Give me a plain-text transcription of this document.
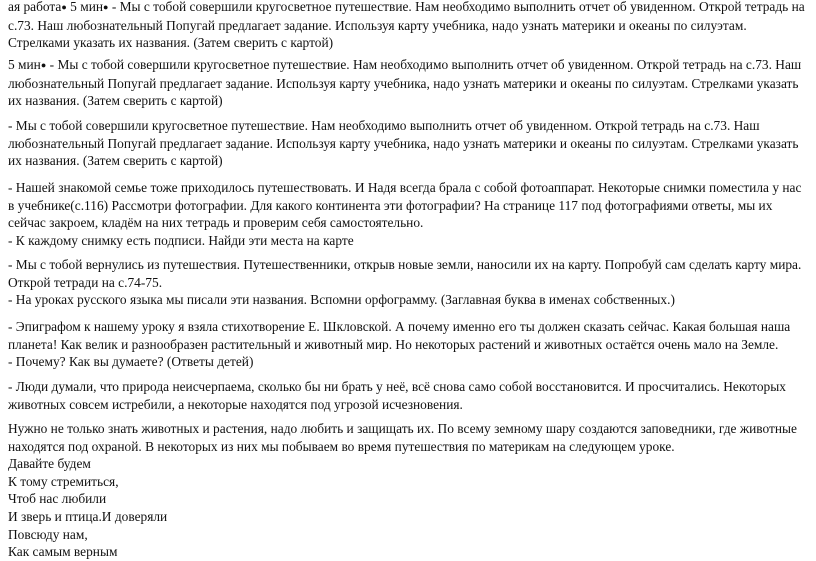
ая работа● 5 мин● - Мы с тобой совершили кругосветное путешествие. Нам необходимо выполнить отчет об увиденном. Открой тетрадь на с.73. Наш любознательный Попугай предлагает задание. Используя карту учебника, надо узнать материки и океаны по силуэтам. Стрелками указать их названия. (Затем сверить с картой)
5 мин● - Мы с тобой совершили кругосветное путешествие. Нам необходимо выполнить отчет об увиденном. Открой тетрадь на с.73. Наш любознательный Попугай предлагает задание. Используя карту учебника, надо узнать материки и океаны по силуэтам. Стрелками указать их названия. (Затем сверить с картой)
- Мы с тобой совершили кругосветное путешествие. Нам необходимо выполнить отчет об увиденном. Открой тетрадь на с.73. Наш любознательный Попугай предлагает задание. Используя карту учебника, надо узнать материки и океаны по силуэтам. Стрелками указать их названия. (Затем сверить с картой)
- Нашей знакомой семье тоже приходилось путешествовать. И Надя всегда брала с собой фотоаппарат. Некоторые снимки поместила у нас в учебнике(с.116) Рассмотри фотографии. Для какого континента эти фотографии? На странице 117 под фотографиями ответы, мы их сейчас закроем, кладём на них тетрадь и проверим себя самостоятельно.
- К каждому снимку есть подписи. Найди эти места на карте
- Мы с тобой вернулись из путешествия. Путешественники, открыв новые земли, наносили их на карту. Попробуй сам сделать карту мира. Открой тетради на с.74-75.
- На уроках русского языка мы писали эти названия. Вспомни орфограмму. (Заглавная буква в именах собственных.)
- Эпиграфом к нашему уроку я взяла стихотворение Е. Шкловской. А почему именно его ты должен сказать сейчас. Какая большая наша планета! Как велик и разнообразен растительный и животный мир. Но некоторых растений и животных остаётся очень мало на Земле.
- Почему? Как вы думаете? (Ответы детей)
- Люди думали, что природа неисчерпаема, сколько бы ни брать у неё, всё снова само собой восстановится. И просчитались. Некоторых животных совсем истребили, а некоторые находятся под угрозой исчезновения.
Нужно не только знать животных и растения, надо любить и защищать их. По всему земному шару создаются заповедники, где животные находятся под охраной. В некоторых из них мы побываем во время путешествия по материкам на следующем уроке.
Давайте будем
К тому стремиться,
Чтоб нас любили
И зверь и птица.И доверяли
Повсюду нам,
Как самым верным
